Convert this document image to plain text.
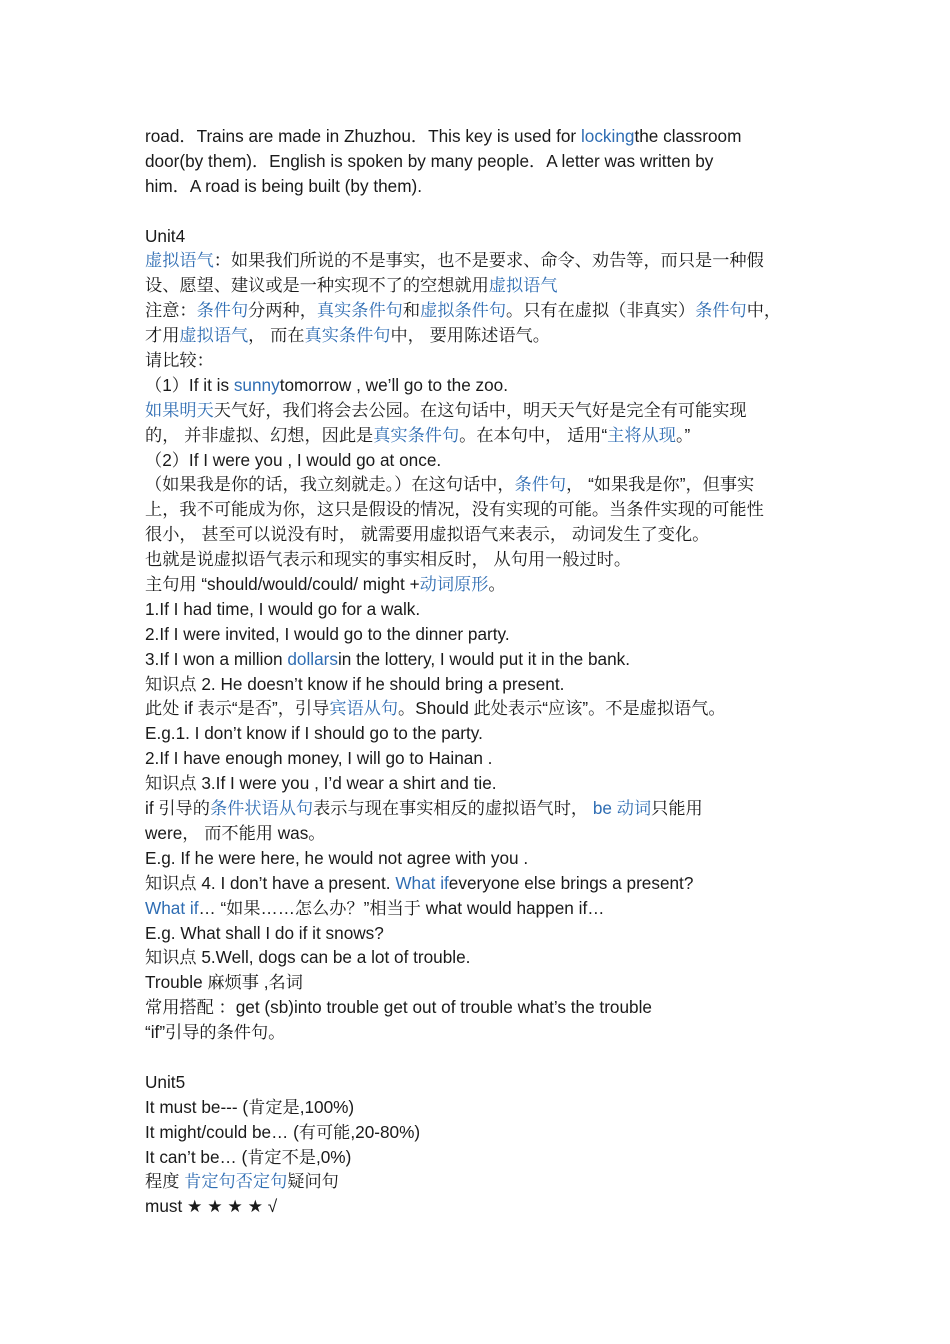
road．Trains are made in Zhuzhou．This key is used for lockingthe classroom
door(by them)．English is spoken by many people．A letter was written by
him．A road is being built (by them).
Unit4
虚拟语气：如果我们所说的不是事实，也不是要求、命令、劝告等，而只是一种假
设、愿望、建议或是一种实现不了的空想就用虚拟语气
注意：条件句分两种，真实条件句和虚拟条件句。只有在虚拟（非真实）条件句中，
才用虚拟语气， 而在真实条件句中， 要用陈述语气。
请比较：
（1）If it is sunnytomorrow , we’ll go to the zoo.
如果明天天气好，我们将会去公园。在这句话中，明天天气好是完全有可能实现
的， 并非虚拟、幻想，因此是真实条件句。在本句中， 适用“主将从现。”
（2）If I were you , I would go at once.
（如果我是你的话，我立刻就走。）在这句话中，条件句， “如果我是你”，但事实
上，我不可能成为你，这只是假设的情况，没有实现的可能。当条件实现的可能性
很小， 甚至可以说没有时， 就需要用虚拟语气来表示， 动词发生了变化。
也就是说虚拟语气表示和现实的事实相反时， 从句用一般过时。
主句用 “should/would/could/ might +动词原形。
1.If I had time, I would go for a walk.
2.If I were invited, I would go to the dinner party.
3.If I won a million dollarsin the lottery, I would put it in the bank.
知识点 2. He doesn’t know if he should bring a present.
此处 if 表示“是否”，引导宾语从句。Should 此处表示“应该”。不是虚拟语气。
E.g.1. I don’t know if I should go to the party.
2.If I have enough money, I will go to Hainan .
知识点 3.If I were you , I’d wear a shirt and tie.
if 引导的条件状语从句表示与现在事实相反的虚拟语气时， be 动词只能用
were， 而不能用 was。
E.g. If he were here, he would not agree with you .
知识点 4. I don’t have a present. What ifeveryone else brings a present?
What if… “如果……怎么办？”相当于 what would happen if…
E.g. What shall I do if it snows?
知识点 5.Well, dogs can be a lot of trouble.
Trouble 麻烦事 ,名词
常用搭配 ：get (sb)into trouble get out of trouble what’s the trouble
“if”引导的条件句。
Unit5
It must be--- (肯定是,100%)
It might/could be… (有可能,20-80%)
It can’t be… (肯定不是,0%)
程度 肯定句否定句疑问句
must ★ ★ ★ ★ √
